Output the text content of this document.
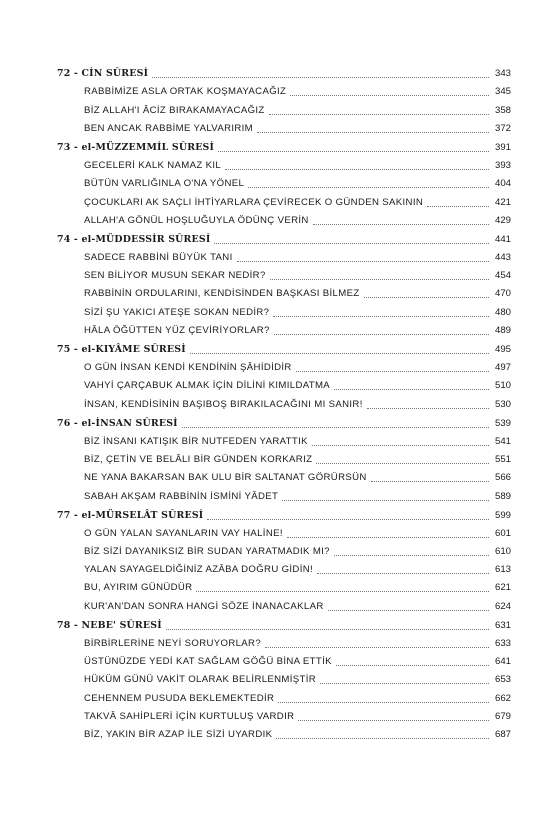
72 - CİN SÛRESİ	343
RABBİMİZE ASLA ORTAK KOŞMAYACAĞIZ	345
BİZ ALLAH'I ÂCİZ BIRAKAMAYACAĞIZ	358
BEN ANCAK RABBİME YALVARIRIM	372
73 - el-MÜZZEMMİL SÛRESİ	391
GECELERİ KALK NAMAZ KIL	393
BÜTÜN VARLIĞINLA O'NA YÖNEL	404
ÇOCUKLARI AK SAÇLI İHTİYARLARA ÇEVİRECEK O GÜNDEN SAKININ	421
ALLAH'A GÖNÜL HOŞLUĞUYLA ÖDÜNÇ VERİN	429
74 - el-MÜDDESSİR SÛRESİ	441
SADECE RABBİNİ BÜYÜK TANI	443
SEN BİLİYOR MUSUN SEKAR NEDİR?	454
RABBİNİN ORDULARINI, KENDİSİNDEN BAŞKASI BİLMEZ	470
SİZİ ŞU YAKICI ATEŞE SOKAN NEDİR?	480
HÂLA ÖĞÜTTEN YÜZ ÇEVİRİYORLAR?	489
75 - el-KIYÂME SÛRESİ	495
O GÜN İNSAN KENDİ KENDİNİN ŞÂHİDİDİR	497
VAHYİ ÇARÇABUK ALMAK İÇİN DİLİNİ KIMILDATMA	510
İNSAN, KENDİSİNİN BAŞIBOŞ BIRAKILACAĞINI MI SANIR!	530
76 - el-İNSAN SÛRESİ	539
BİZ İNSANI KATIŞIK BİR NUTFEDEN YARATTIK	541
BİZ, ÇETİN VE BELÂLI BİR GÜNDEN KORKARIZ	551
NE YANA BAKARSAN BAK ULU BİR SALTANAT GÖRÜRSÜN	566
SABAH AKŞAM RABBİNİN İSMİNİ YÂDET	589
77 - el-MÜRSELÂT SÛRESİ	599
O GÜN YALAN SAYANLARIN VAY HALİNE!	601
BİZ SİZİ DAYANIKSIZ BİR SUDAN YARATMADIK MI?	610
YALAN SAYAGELDİĞİNİZ AZÂBA DOĞRU GİDİN!	613
BU, AYIRIM GÜNÜDÜR	621
KUR'AN'DAN SONRA HANGİ SÖZE İNANACAKLAR	624
78 - NEBE' SÛRESİ	631
BİRBİRLERİNE NEYİ SORUYORLAR?	633
ÜSTÜNÜZDE YEDİ KAT SAĞLAM GÖĞÜ BİNA ETTİK	641
HÜKÜM GÜNÜ VAKİT OLARAK BELİRLENMİŞTİR	653
CEHENNEM PUSUDA BEKLEMEKTEDİR	662
TAKVÂ SAHİPLERİ İÇİN KURTULUŞ VARDIR	679
BİZ, YAKIN BİR AZAP İLE SİZİ UYARDIK	687
